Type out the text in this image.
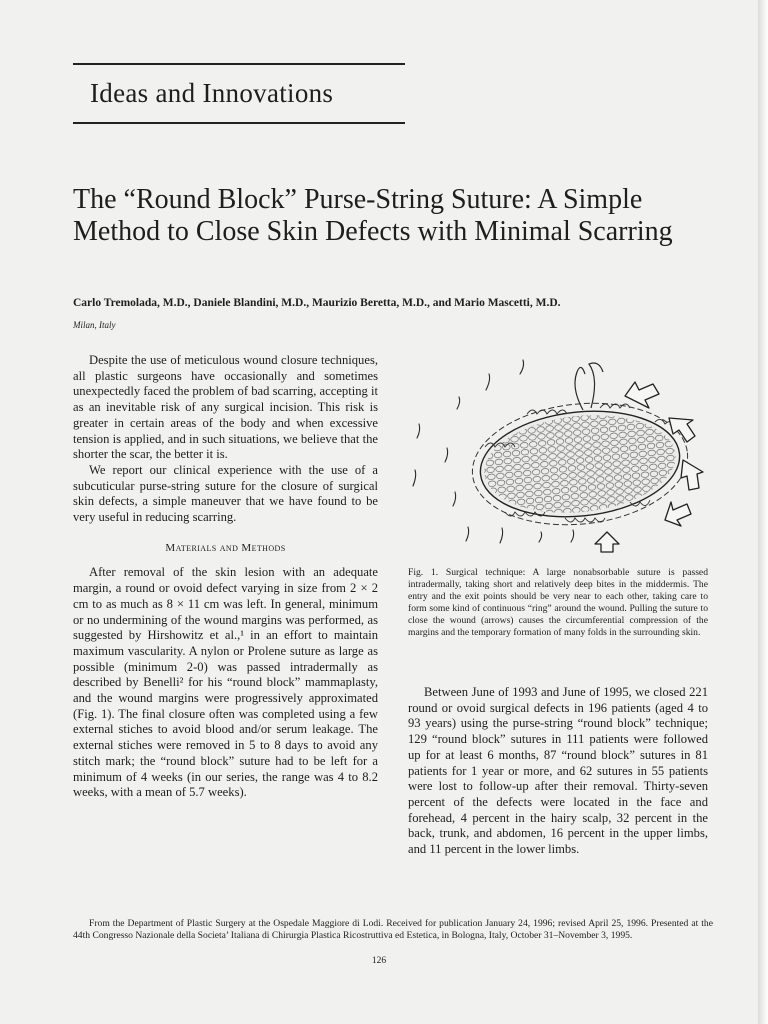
Ideas and Innovations
The “Round Block” Purse-String Suture: A Simple Method to Close Skin Defects with Minimal Scarring
Carlo Tremolada, M.D., Daniele Blandini, M.D., Maurizio Beretta, M.D., and Mario Mascetti, M.D.
Milan, Italy

Despite the use of meticulous wound closure techniques, all plastic surgeons have occasionally and sometimes unexpectedly faced the problem of bad scarring, accepting it as an inevitable risk of any surgical incision. This risk is greater in certain areas of the body and when excessive tension is applied, and in such situations, we believe that the shorter the scar, the better it is.

We report our clinical experience with the use of a subcuticular purse-string suture for the closure of surgical skin defects, a simple maneuver that we have found to be very useful in reducing scarring.

Materials and Methods

After removal of the skin lesion with an adequate margin, a round or ovoid defect varying in size from 2 × 2 cm to as much as 8 × 11 cm was left. In general, minimum or no undermining of the wound margins was performed, as suggested by Hirshowitz et al.,¹ in an effort to maintain maximum vascularity. A nylon or Prolene suture as large as possible (minimum 2-0) was passed intradermally as described by Benelli² for his “round block” mammaplasty, and the wound margins were progressively approximated (Fig. 1). The final closure often was completed using a few external stiches to avoid blood and/or serum leakage. The external stiches were removed in 5 to 8 days to avoid any stitch mark; the “round block” suture had to be left for a minimum of 4 weeks (in our series, the range was 4 to 8.2 weeks, with a mean of 5.7 weeks).

Fig. 1. Surgical technique: A large nonabsorbable suture is passed intradermally, taking short and relatively deep bites in the middermis. The entry and the exit points should be very near to each other, taking care to form some kind of continuous “ring” around the wound. Pulling the suture to close the wound (arrows) causes the circumferential compression of the margins and the temporary formation of many folds in the surrounding skin.

Between June of 1993 and June of 1995, we closed 221 round or ovoid surgical defects in 196 patients (aged 4 to 93 years) using the purse-string “round block” technique; 129 “round block” sutures in 111 patients were followed up for at least 6 months, 87 “round block” sutures in 81 patients for 1 year or more, and 62 sutures in 55 patients were lost to follow-up after their removal. Thirty-seven percent of the defects were located in the face and forehead, 4 percent in the hairy scalp, 32 percent in the back, trunk, and abdomen, 16 percent in the upper limbs, and 11 percent in the lower limbs.

From the Department of Plastic Surgery at the Ospedale Maggiore di Lodi. Received for publication January 24, 1996; revised April 25, 1996. Presented at the 44th Congresso Nazionale della Societa’ Italiana di Chirurgia Plastica Ricostruttiva ed Estetica, in Bologna, Italy, October 31–November 3, 1995.

126
